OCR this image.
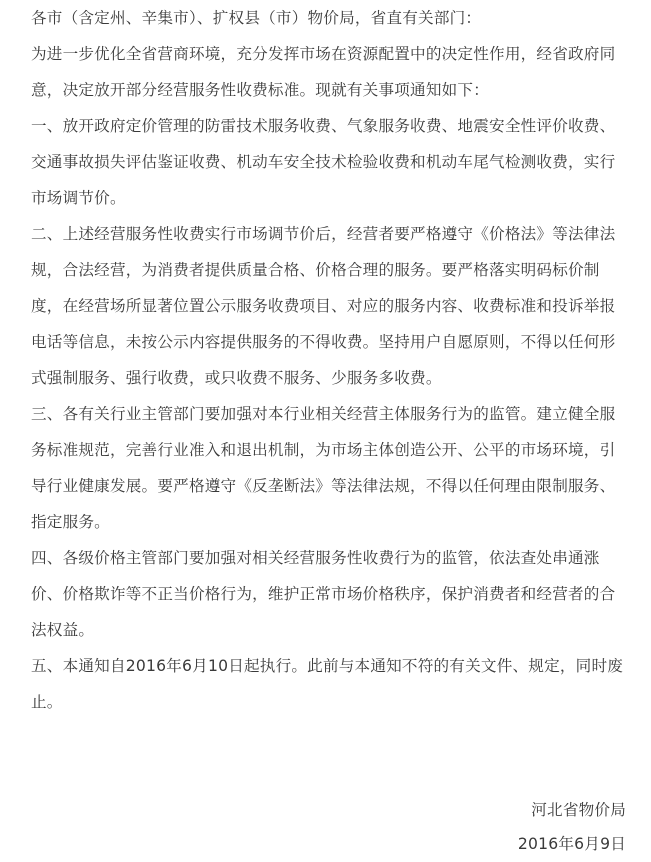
各市（含定州、辛集市）、扩权县（市）物价局，省直有关部门：

为进一步优化全省营商环境，充分发挥市场在资源配置中的决定性作用，经省政府同意，决定放开部分经营服务性收费标准。现就有关事项通知如下：

一、放开政府定价管理的防雷技术服务收费、气象服务收费、地震安全性评价收费、交通事故损失评估鉴证收费、机动车安全技术检验收费和机动车尾气检测收费，实行市场调节价。

二、上述经营服务性收费实行市场调节价后，经营者要严格遵守《价格法》等法律法规，合法经营，为消费者提供质量合格、价格合理的服务。要严格落实明码标价制度，在经营场所显著位置公示服务收费项目、对应的服务内容、收费标准和投诉举报电话等信息，未按公示内容提供服务的不得收费。坚持用户自愿原则，不得以任何形式强制服务、强行收费，或只收费不服务、少服务多收费。

三、各有关行业主管部门要加强对本行业相关经营主体服务行为的监管。建立健全服务标准规范，完善行业准入和退出机制，为市场主体创造公开、公平的市场环境，引导行业健康发展。要严格遵守《反垄断法》等法律法规，不得以任何理由限制服务、指定服务。

四、各级价格主管部门要加强对相关经营服务性收费行为的监管，依法查处串通涨价、价格欺诈等不正当价格行为，维护正常市场价格秩序，保护消费者和经营者的合法权益。

五、本通知自2016年6月10日起执行。此前与本通知不符的有关文件、规定，同时废止。

河北省物价局

2016年6月9日
